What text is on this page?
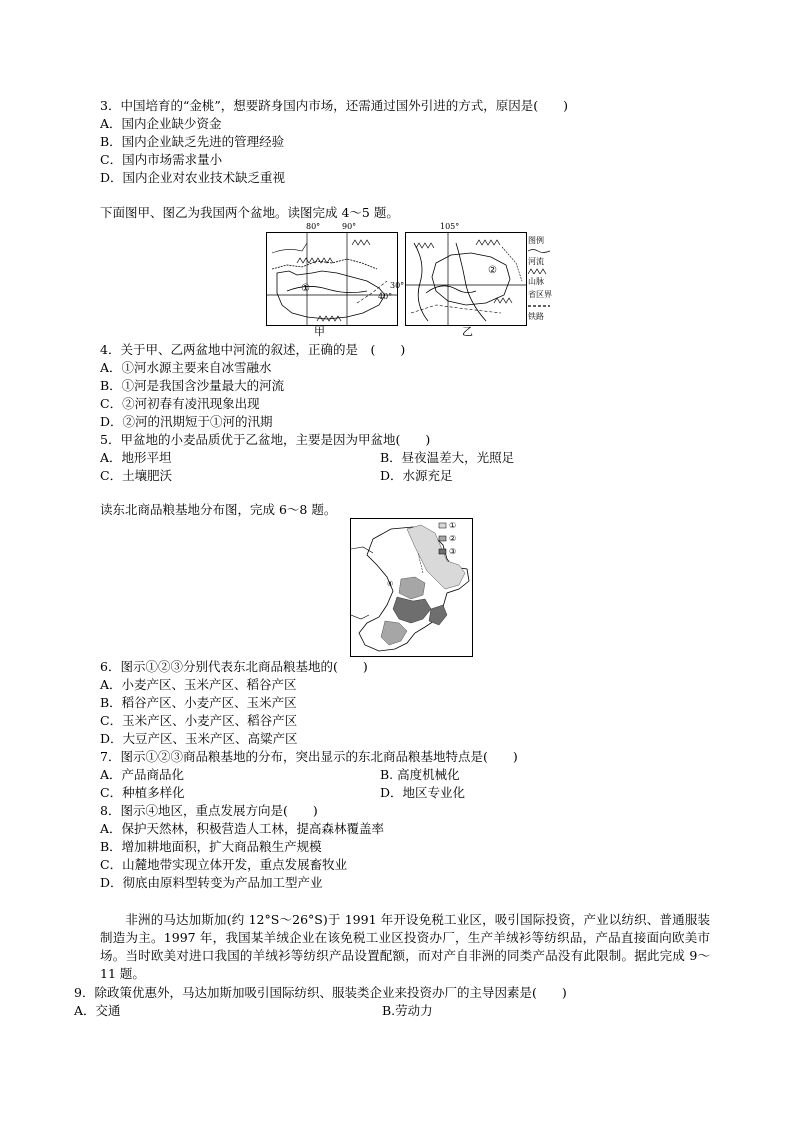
3．中国培育的“金桃”，想要跻身国内市场，还需通过国外引进的方式，原因是(　　)
A．国内企业缺少资金
B．国内企业缺乏先进的管理经验
C．国内市场需求量小
D．国内企业对农业技术缺乏重视
下面图甲、图乙为我国两个盆地。读图完成 4～5 题。
①
80°	90°
40°
甲
②
105°
30°
乙
图例
河流
山脉
省区界
铁路
4．关于甲、乙两盆地中河流的叙述，正确的是　(　　)
A．①河水源主要来自冰雪融水
B．①河是我国含沙量最大的河流
C．②河初春有凌汛现象出现
D．②河的汛期短于①河的汛期
5．甲盆地的小麦品质优于乙盆地，主要是因为甲盆地(　　)
A．地形平坦	B．昼夜温差大，光照足
C．土壤肥沃	D．水源充足
读东北商品粮基地分布图，完成 6～8 题。
①
②
③
④
6．图示①②③分别代表东北商品粮基地的(　　)
A．小麦产区、玉米产区、稻谷产区
B．稻谷产区、小麦产区、玉米产区
C．玉米产区、小麦产区、稻谷产区
D．大豆产区、玉米产区、高粱产区
7．图示①②③商品粮基地的分布，突出显示的东北商品粮基地特点是(　　)
A．产品商品化	B. 高度机械化
C．种植多样化	D．地区专业化
8．图示④地区，重点发展方向是(　　)
A．保护天然林，积极营造人工林，提高森林覆盖率
B．增加耕地面积，扩大商品粮生产规模
C．山麓地带实现立体开发，重点发展畜牧业
D．彻底由原料型转变为产品加工型产业
　　非洲的马达加斯加(约 12°S～26°S)于 1991 年开设免税工业区，吸引国际投资，产业以纺织、普通服装制造为主。1997 年，我国某羊绒企业在该免税工业区投资办厂，生产羊绒衫等纺织品，产品直接面向欧美市场。当时欧美对进口我国的羊绒衫等纺织产品设置配额，而对产自非洲的同类产品没有此限制。据此完成 9～11 题。
9．除政策优惠外，马达加斯加吸引国际纺织、服装类企业来投资办厂的主导因素是(　　)
A．交通	B.劳动力
